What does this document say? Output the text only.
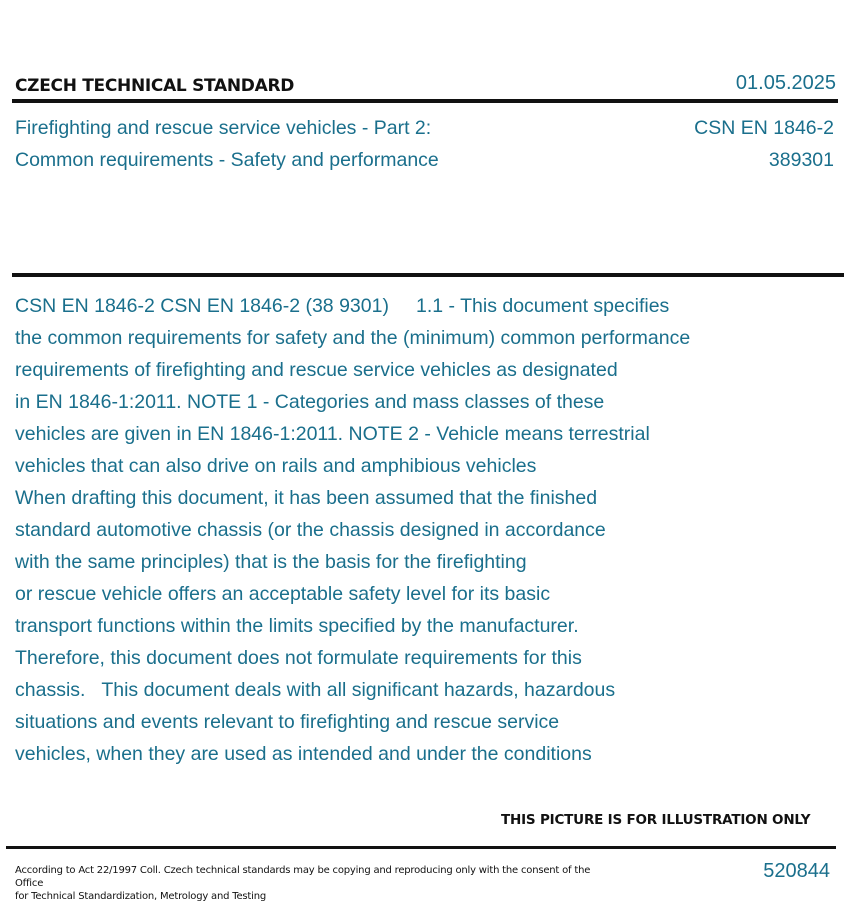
CZECH TECHNICAL STANDARD	01.05.2025
Firefighting and rescue service vehicles - Part 2:
Common requirements - Safety and performance
CSN EN 1846-2
389301
CSN EN 1846-2 CSN EN 1846-2 (38 9301)     1.1 - This document specifies
the common requirements for safety and the (minimum) common performance
requirements of firefighting and rescue service vehicles as designated
in EN 1846-1:2011. NOTE 1 - Categories and mass classes of these
vehicles are given in EN 1846-1:2011. NOTE 2 - Vehicle means terrestrial
vehicles that can also drive on rails and amphibious vehicles
When drafting this document, it has been assumed that the finished
standard automotive chassis (or the chassis designed in accordance
with the same principles) that is the basis for the firefighting
or rescue vehicle offers an acceptable safety level for its basic
transport functions within the limits specified by the manufacturer.
Therefore, this document does not formulate requirements for this
chassis.   This document deals with all significant hazards, hazardous
situations and events relevant to firefighting and rescue service
vehicles, when they are used as intended and under the conditions
THIS PICTURE IS FOR ILLUSTRATION ONLY
According to Act 22/1997 Coll. Czech technical standards may be copying and reproducing only with the consent of the Office
for Technical Standardization, Metrology and Testing
520844
